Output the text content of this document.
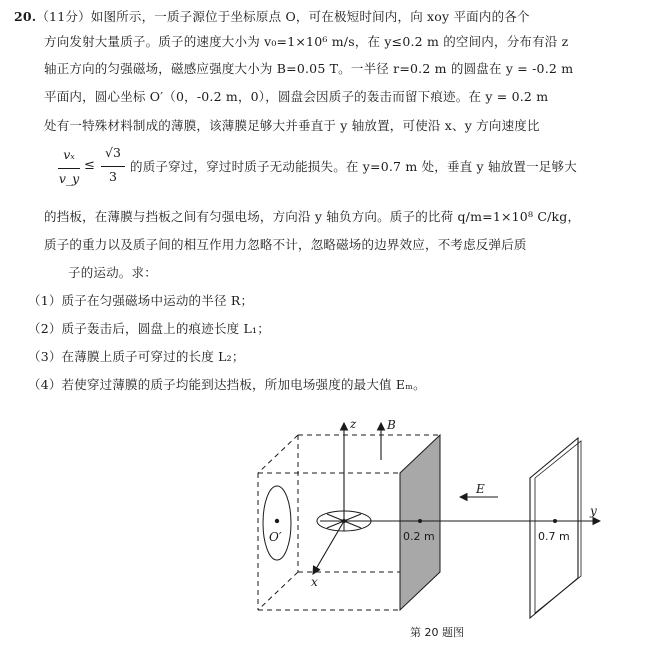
20.（11分）如图所示，一质子源位于坐标原点 O，可在极短时间内，向 xoy 平面内的各个
方向发射大量质子。质子的速度大小为 v₀=1×10⁶ m/s，在 y≤0.2 m 的空间内，分布有沿 z
轴正方向的匀强磁场，磁感应强度大小为 B=0.05 T。一半径 r=0.2 m 的圆盘在 y = -0.2 m
平面内，圆心坐标 O′（0，-0.2 m，0），圆盘会因质子的轰击而留下痕迹。在 y = 0.2 m
处有一特殊材料制成的薄膜，该薄膜足够大并垂直于 y 轴放置，可使沿 x、y 方向速度比
vₓ
v_y
≤
√3
3
的质子穿过，穿过时质子无动能损失。在 y=0.7 m 处，垂直 y 轴放置一足够大
的挡板，在薄膜与挡板之间有匀强电场，方向沿 y 轴负方向。质子的比荷 q/m=1×10⁸ C/kg，
质子的重力以及质子间的相互作用力忽略不计，忽略磁场的边界效应，不考虑反弹后质
子的运动。求：
（1）质子在匀强磁场中运动的半径 R；
（2）质子轰击后，圆盘上的痕迹长度 L₁；
（3）在薄膜上质子可穿过的长度 L₂；
（4）若使穿过薄膜的质子均能到达挡板，所加电场强度的最大值 Eₘ。
z	B
E
y
x
O′	0.2 m	0.7 m
第 20 题图
